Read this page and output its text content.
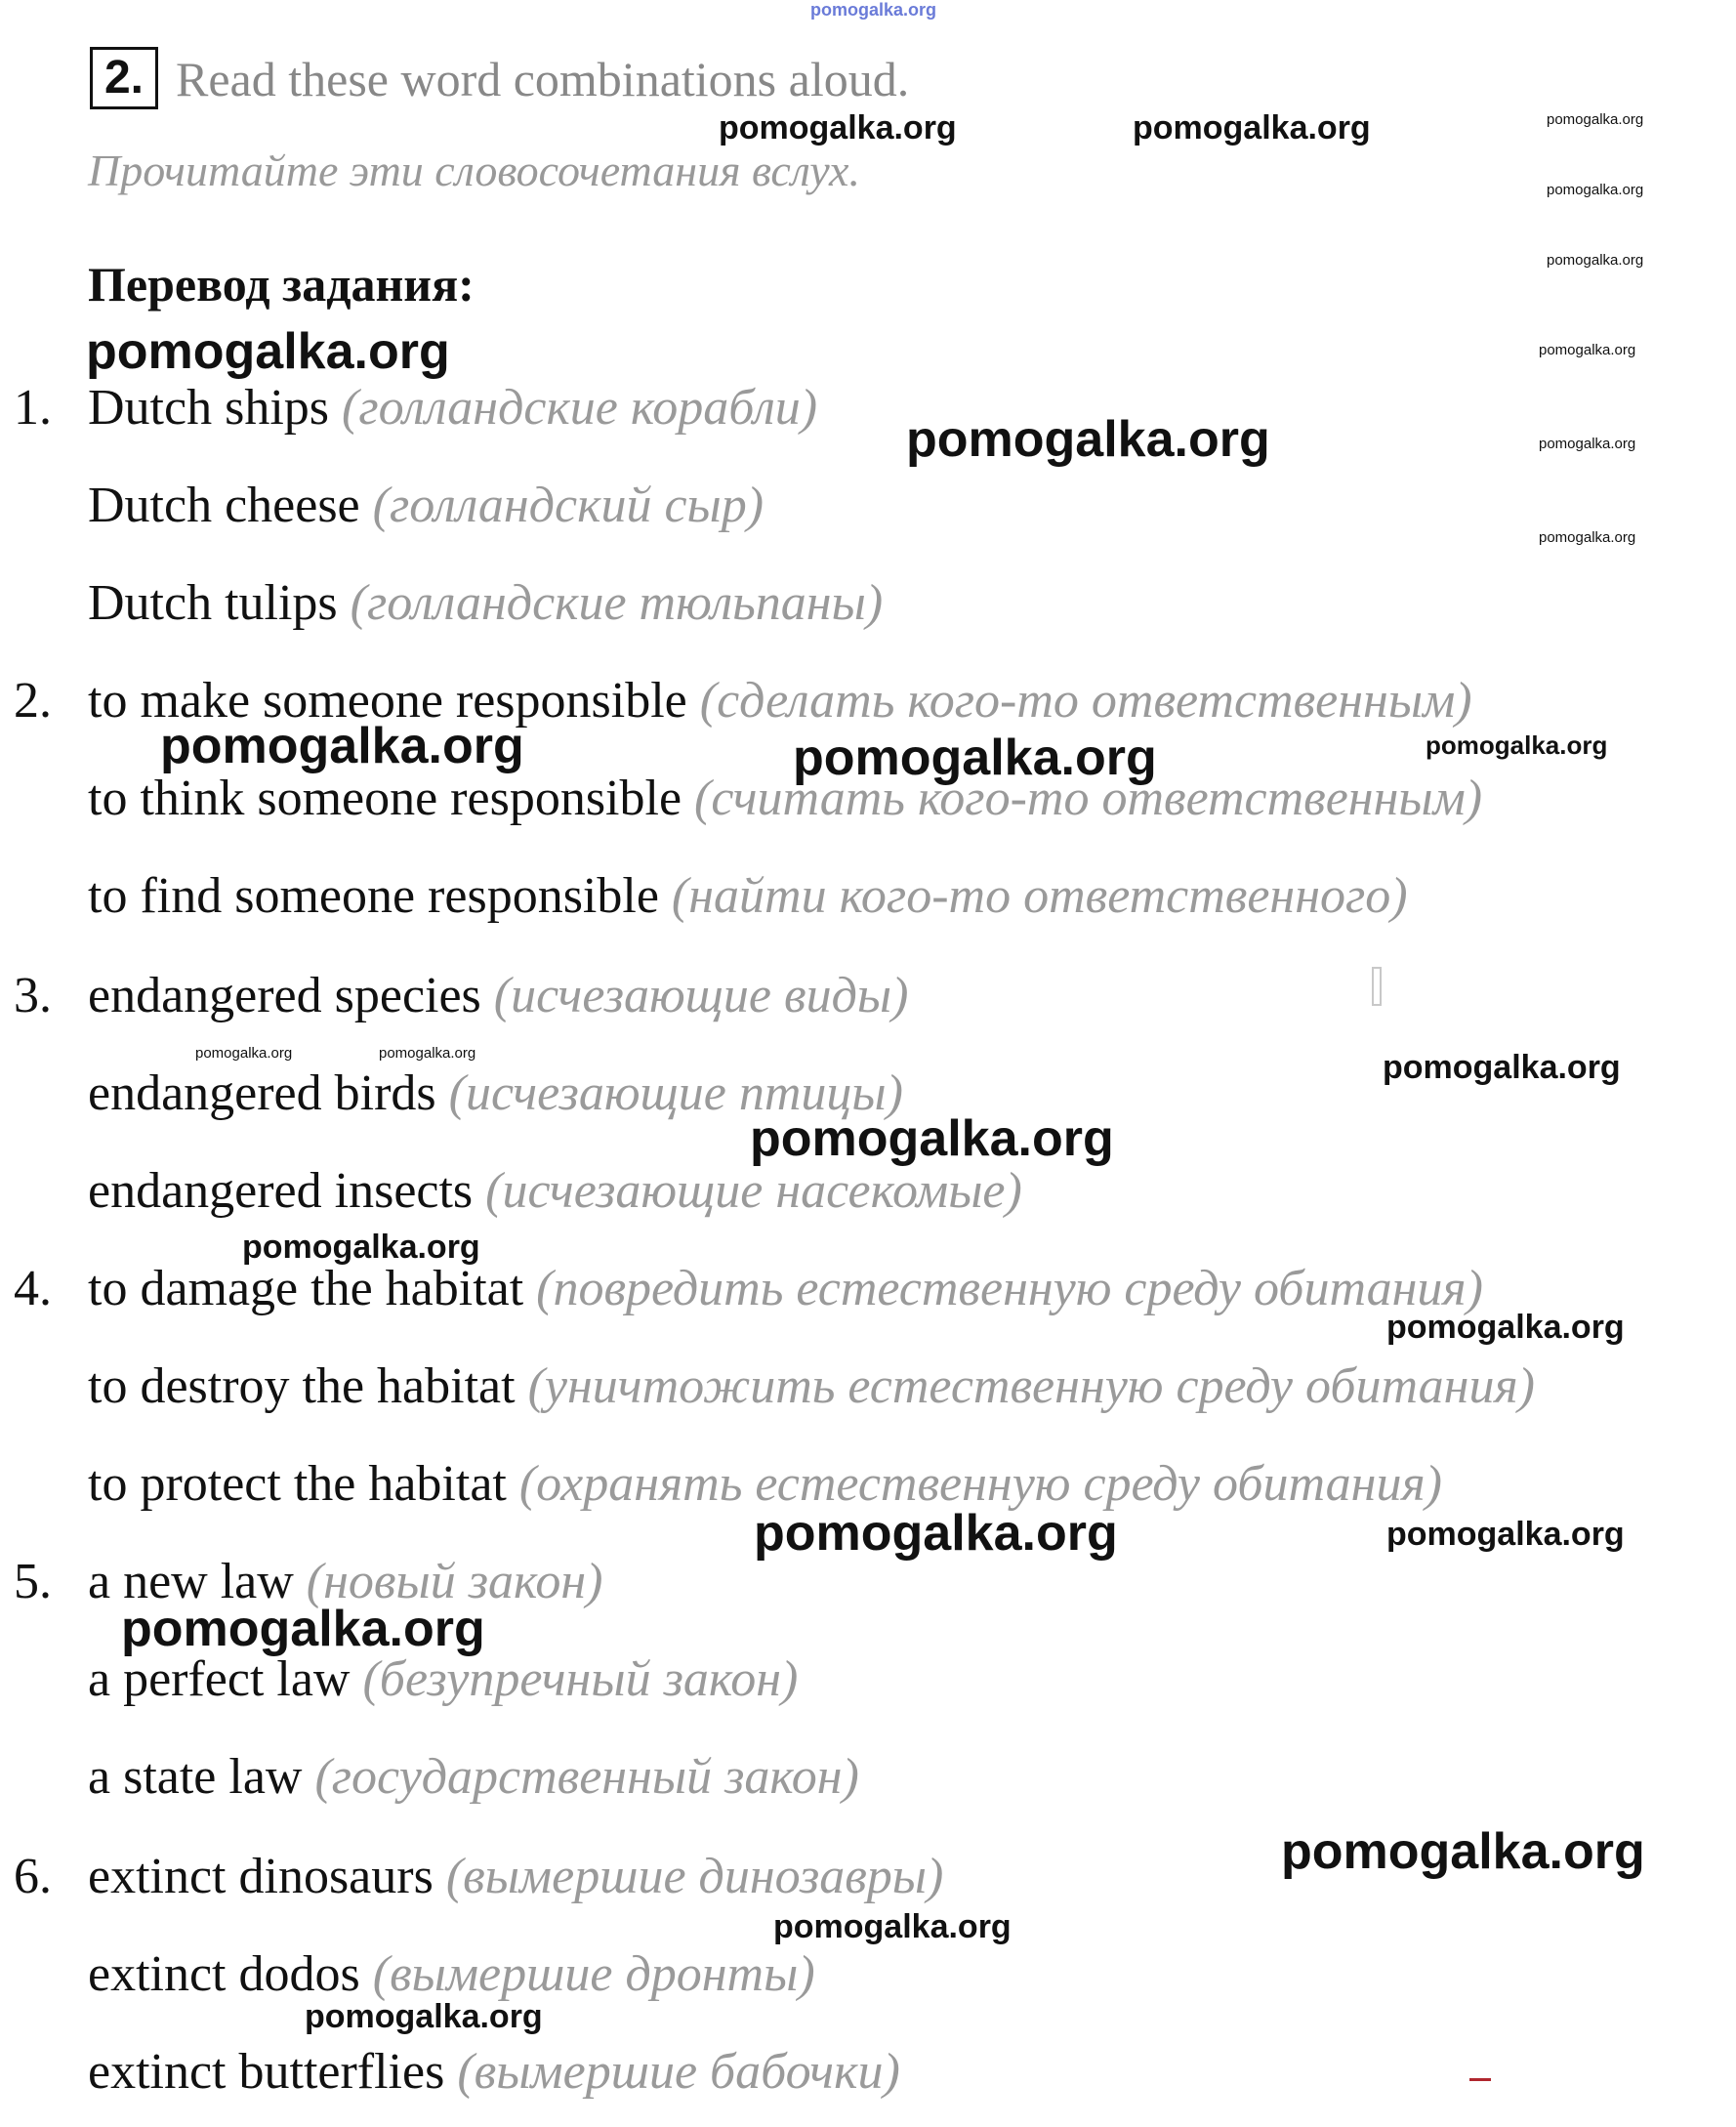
pomogalka.org
2. Read these word combinations aloud.
Прочитайте эти словосочетания вслух.
Перевод задания:
1.
2.
3.
4.
5.
6.
Dutch ships (голландские корабли)
Dutch cheese (голландский сыр)
Dutch tulips (голландские тюльпаны)
to make someone responsible (сделать кого-то ответственным)
to think someone responsible (считать кого-то ответственным)
to find someone responsible (найти кого-то ответственного)
endangered species (исчезающие виды)
endangered birds (исчезающие птицы)
endangered insects (исчезающие насекомые)
to damage the habitat (повредить естественную среду обитания)
to destroy the habitat (уничтожить естественную среду обитания)
to protect the habitat (охранять естественную среду обитания)
a new law (новый закон)
a perfect law (безупречный закон)
a state law (государственный закон)
extinct dinosaurs (вымершие динозавры)
extinct dodos (вымершие дронты)
extinct butterflies (вымершие бабочки)
pomogalka.org	pomogalka.org	pomogalka.org
pomogalka.org
pomogalka.org
pomogalka.org	pomogalka.org
pomogalka.org	pomogalka.org
pomogalka.org
pomogalka.org	pomogalka.org	pomogalka.org
pomogalka.org	pomogalka.org	pomogalka.org
pomogalka.org
pomogalka.org
pomogalka.org
pomogalka.org	pomogalka.org
pomogalka.org
pomogalka.org
pomogalka.org
pomogalka.org
